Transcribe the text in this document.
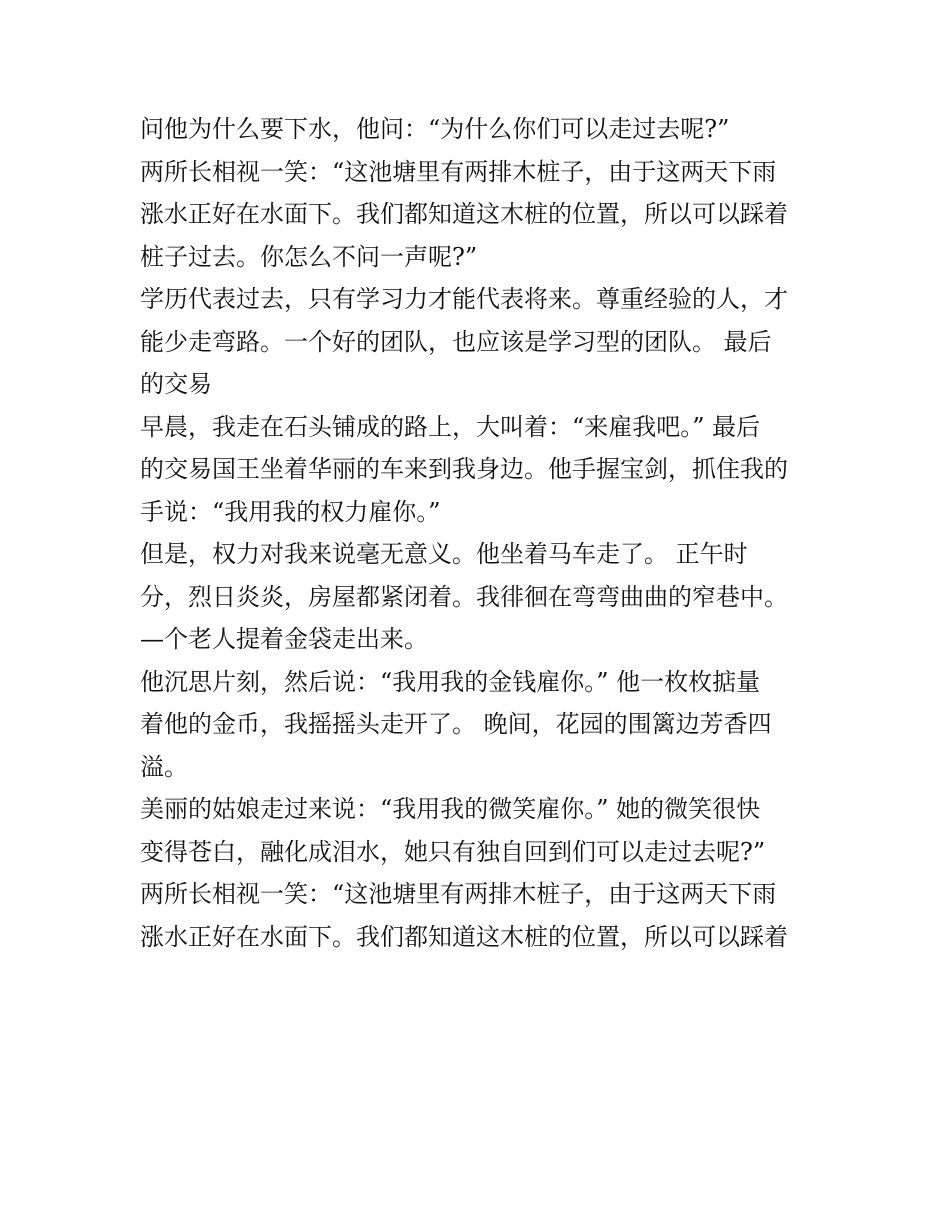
问他为什么要下水，他问：“为什么你们可以走过去呢?”
两所长相视一笑：“这池塘里有两排木桩子，由于这两天下雨
涨水正好在水面下。我们都知道这木桩的位置，所以可以踩着
桩子过去。你怎么不问一声呢?”
学历代表过去，只有学习力才能代表将来。尊重经验的人，才
能少走弯路。一个好的团队，也应该是学习型的团队。 最后
的交易
早晨，我走在石头铺成的路上，大叫着：“来雇我吧。” 最后
的交易国王坐着华丽的车来到我身边。他手握宝剑，抓住我的
手说：“我用我的权力雇你。”
但是，权力对我来说毫无意义。他坐着马车走了。 正午时
分，烈日炎炎，房屋都紧闭着。我徘徊在弯弯曲曲的窄巷中。
—个老人提着金袋走出来。
他沉思片刻，然后说：“我用我的金钱雇你。” 他一枚枚掂量
着他的金币，我摇摇头走开了。 晚间，花园的围篱边芳香四
溢。
美丽的姑娘走过来说：“我用我的微笑雇你。” 她的微笑很快
变得苍白，融化成泪水，她只有独自回到们可以走过去呢?”
两所长相视一笑：“这池塘里有两排木桩子，由于这两天下雨
涨水正好在水面下。我们都知道这木桩的位置，所以可以踩着
